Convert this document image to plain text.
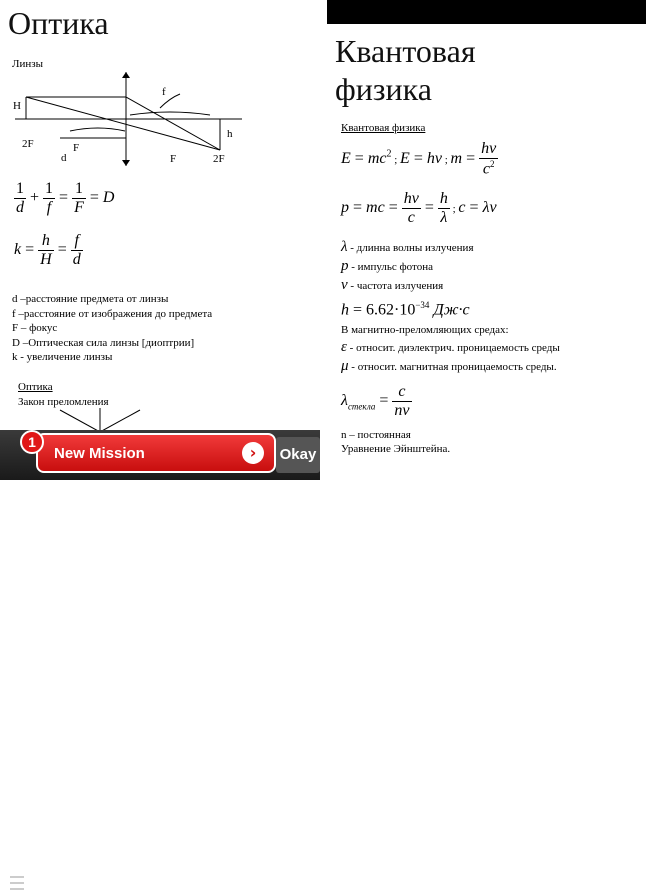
Оптика
Линзы
H
h
2F	F
d
f
F	2F
$\frac{1}{d} + \frac{1}{f} = \frac{1}{F} = D$
$k = \frac{h}{H} = \frac{f}{d}$
d –расстояние предмета от линзы
f –расстояние от изображения до предмета
F – фокус
D –Оптическая сила линзы [диоптрии]
k - увеличение линзы
Оптика
Закон преломления
Квантовая
физика
Квантовая физика
$E = mc^2$ ; E = hν ; $m = \frac{h\nu}{c^2}$
p = mc = $\frac{h\nu}{c} = \frac{h}{\lambda}$ ; c = λν
λ - длинна волны излучения
p - импульс фотона
ν - частота излучения
$h = 6.62\cdot 10^{-34}$ Дж·c
В магнитно-преломляющих средах:
ε - относит. диэлектрич. проницаемость среды
μ - относит. магнитная проницаемость среды.
$\lambda_{стекла} = \frac{c}{n\nu}$
n – постоянная
Уравнение Эйнштейна.
New Mission	›
1
Okay
